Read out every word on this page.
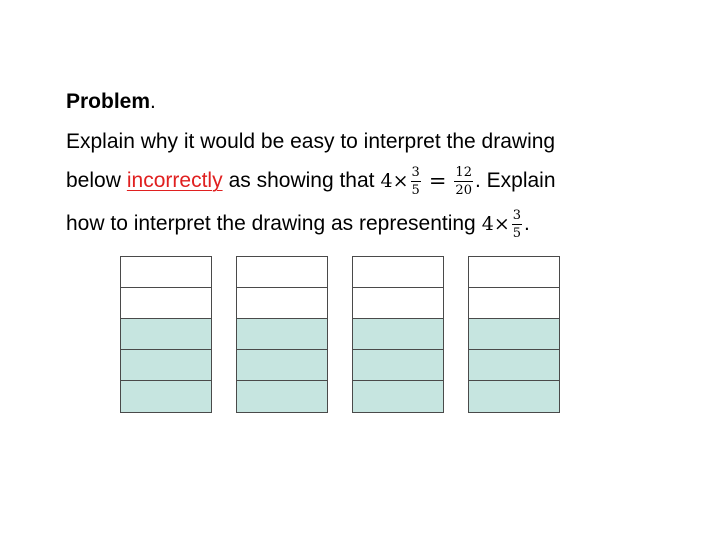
Problem.
Explain why it would be easy to interpret the drawing
below incorrectly as showing that $4 \times \frac{3}{5} = \frac{12}{20}$ . Explain
how to interpret the drawing as representing $4 \times \frac{3}{5}$ .
